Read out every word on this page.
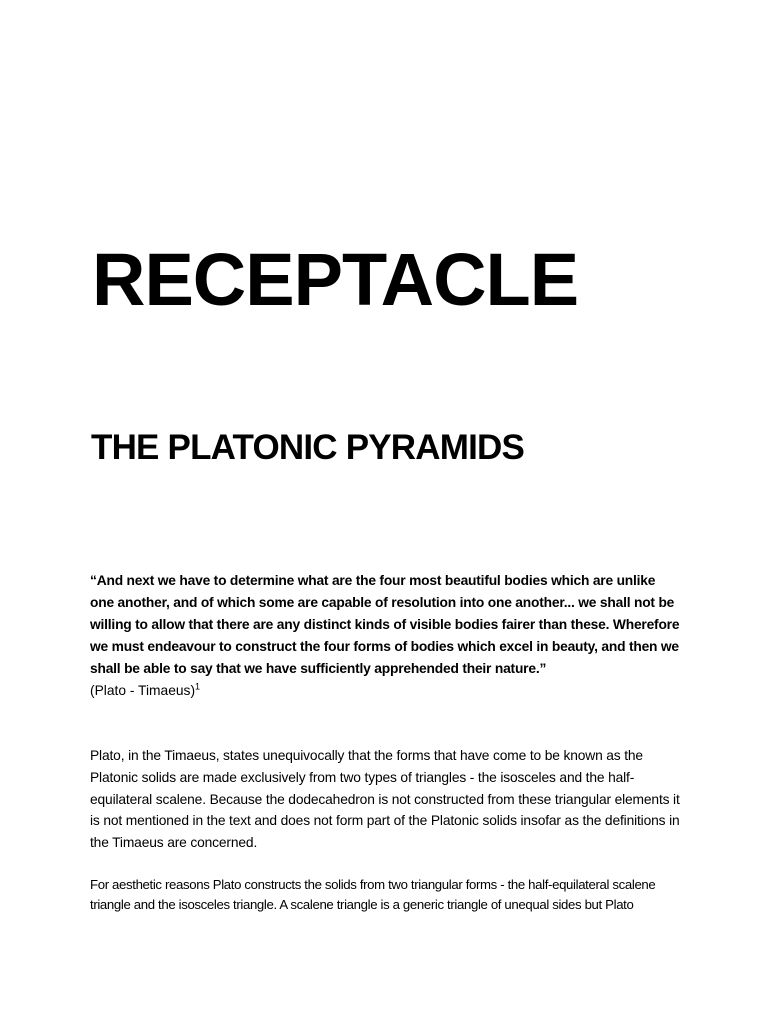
RECEPTACLE
THE PLATONIC PYRAMIDS

“And next we have to determine what are the four most beautiful bodies which are unlike one another, and of which some are capable of resolution into one another... we shall not be willing to allow that there are any distinct kinds of visible bodies fairer than these. Wherefore we must endeavour to construct the four forms of bodies which excel in beauty, and then we shall be able to say that we have sufficiently apprehended their nature.”

(Plato - Timaeus)$^1$

Plato, in the Timaeus, states unequivocally that the forms that have come to be known as the Platonic solids are made exclusively from two types of triangles - the isosceles and the half-equilateral scalene. Because the dodecahedron is not constructed from these triangular elements it is not mentioned in the text and does not form part of the Platonic solids insofar as the definitions in the Timaeus are concerned.

For aesthetic reasons Plato constructs the solids from two triangular forms - the half-equilateral scalene triangle and the isosceles triangle. A scalene triangle is a generic triangle of unequal sides but Plato
